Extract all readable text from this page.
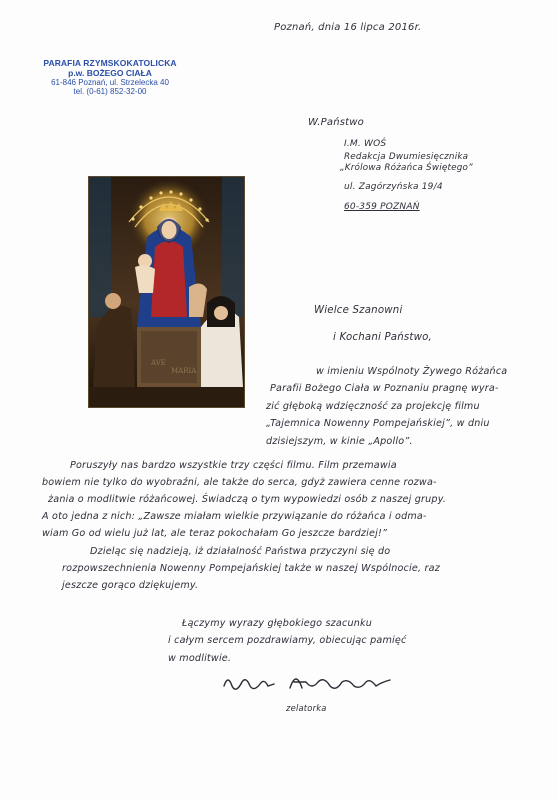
PARAFIA RZYMSKOKATOLICKA
p.w. BOŻEGO CIAŁA
61-846 Poznań, ul. Strzelecka 40
tel. (0-61) 852-32-00
Poznań, dnia 16 lipca 2016r.
W.Państwo
I.M. WOŚ
Redakcja Dwumiesięcznika
„Królowa Różańca Świętego”
ul. Zagórzyńska 19/4
60-359 POZNAŃ
AVE
MARIA
Wielce Szanowni
i Kochani Państwo,
w imieniu Wspólnoty Żywego Różańca
Parafii Bożego Ciała w Poznaniu pragnę wyra-
zić głęboką wdzięczność za projekcję filmu
„Tajemnica Nowenny Pompejańskiej”, w dniu
dzisiejszym, w kinie „Apollo”.
Poruszyły nas bardzo wszystkie trzy części filmu. Film przemawia
bowiem nie tylko do wyobraźni, ale także do serca, gdyż zawiera cenne rozwa-
żania o modlitwie różańcowej. Świadczą o tym wypowiedzi osób z naszej grupy.
A oto jedna z nich: „Zawsze miałam wielkie przywiązanie do różańca i odma-
wiam Go od wielu już lat, ale teraz pokochałam Go jeszcze bardziej!”
Dzieląc się nadzieją, iż działalność Państwa przyczyni się do
rozpowszechnienia Nowenny Pompejańskiej także w naszej Wspólnocie, raz
jeszcze gorąco dziękujemy.
Łączymy wyrazy głębokiego szacunku
i całym sercem pozdrawiamy, obiecując pamięć
w modlitwie.
zelatorka
